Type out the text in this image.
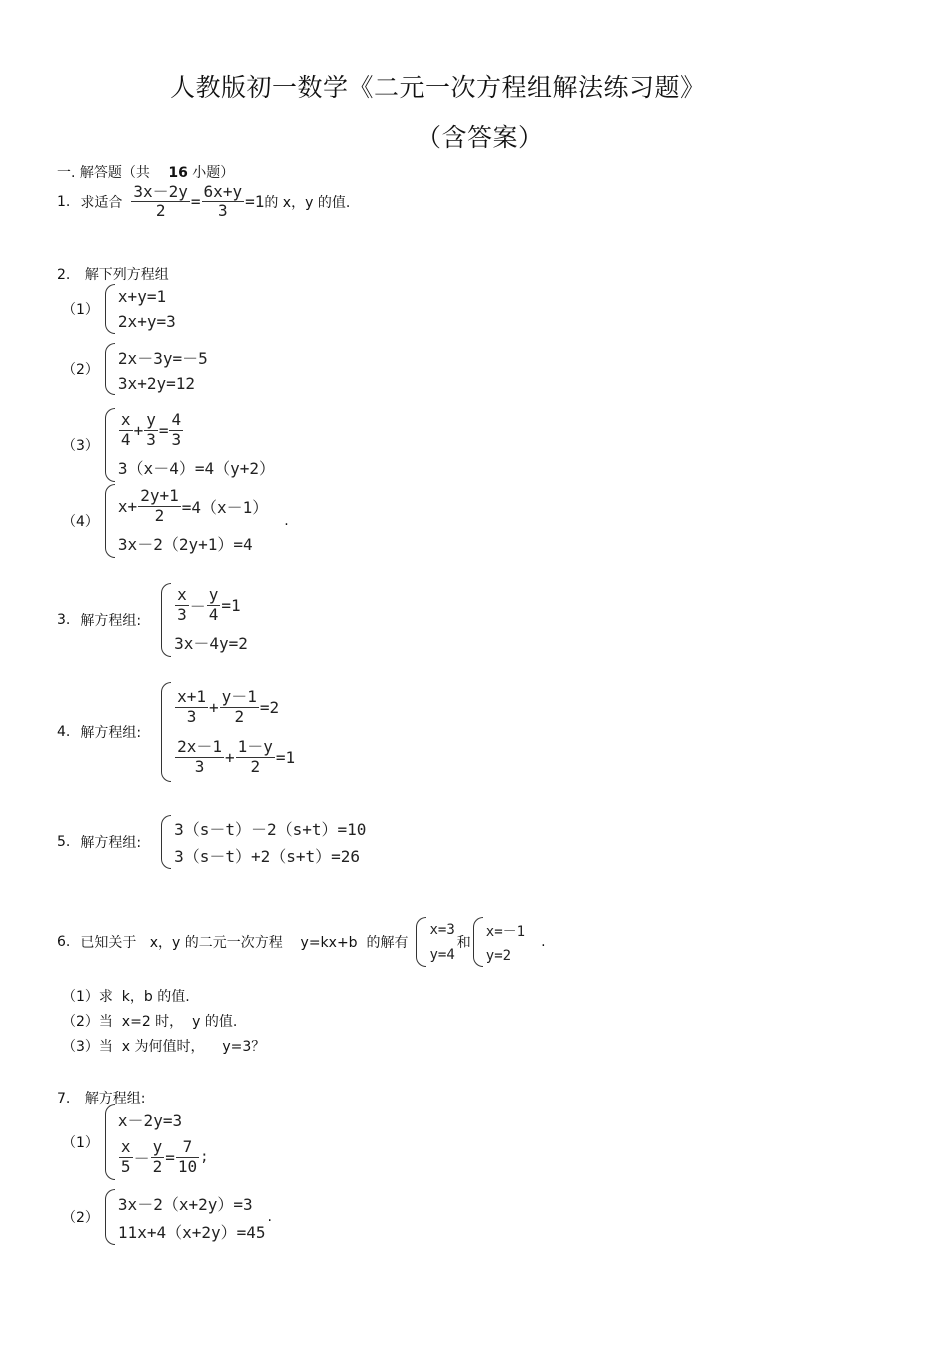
人教版初一数学《二元一次方程组解法练习题》
（含答案）
一. 解答题（共 16 小题）
1. 求适合 $\frac{3x-2y}{2} = \frac{6x+y}{3} =1$ 的 x，y 的值.
2. 解下列方程组
（1）
x+y=1
2x+y=3
（2）
2x－3y=－5
3x+2y=12
$(3) \frac{x}{4} + \frac{y}{3} = \frac{4}{3}$
3（x－4）=4（y+2）
（4）
$x+ \frac{2y+1}{2} =4(x-1)$
3x－2（2y+1）=4
.
3. 解方程组: $\frac{x}{3} - \frac{y}{4} =1$
3x－4y=2
4. 解方程组:
$\frac{x+1}{3} + \frac{y-1}{2} =2$
$\frac{2x-1}{3} + \frac{1-y}{2} =1$
5. 解方程组:
3（s－t）－2（s+t）=10
3（s－t）+2（s+t）=26
6. 已知关于   x，y 的二元一次方程    y=kx+b  的解有
x=3
y=4
和
x=－1
y=2
.
（1）求  k，b 的值.
（2）当  x=2 时，  y 的值.
（3）当  x 为何值时，    y=3？
7. 解方程组:
（1）
x－2y=3
$\frac{x}{5} - \frac{y}{2} = \frac{7}{10}$ ;
（2）
3x－2（x+2y）=3
11x+4（x+2y）=45
.
